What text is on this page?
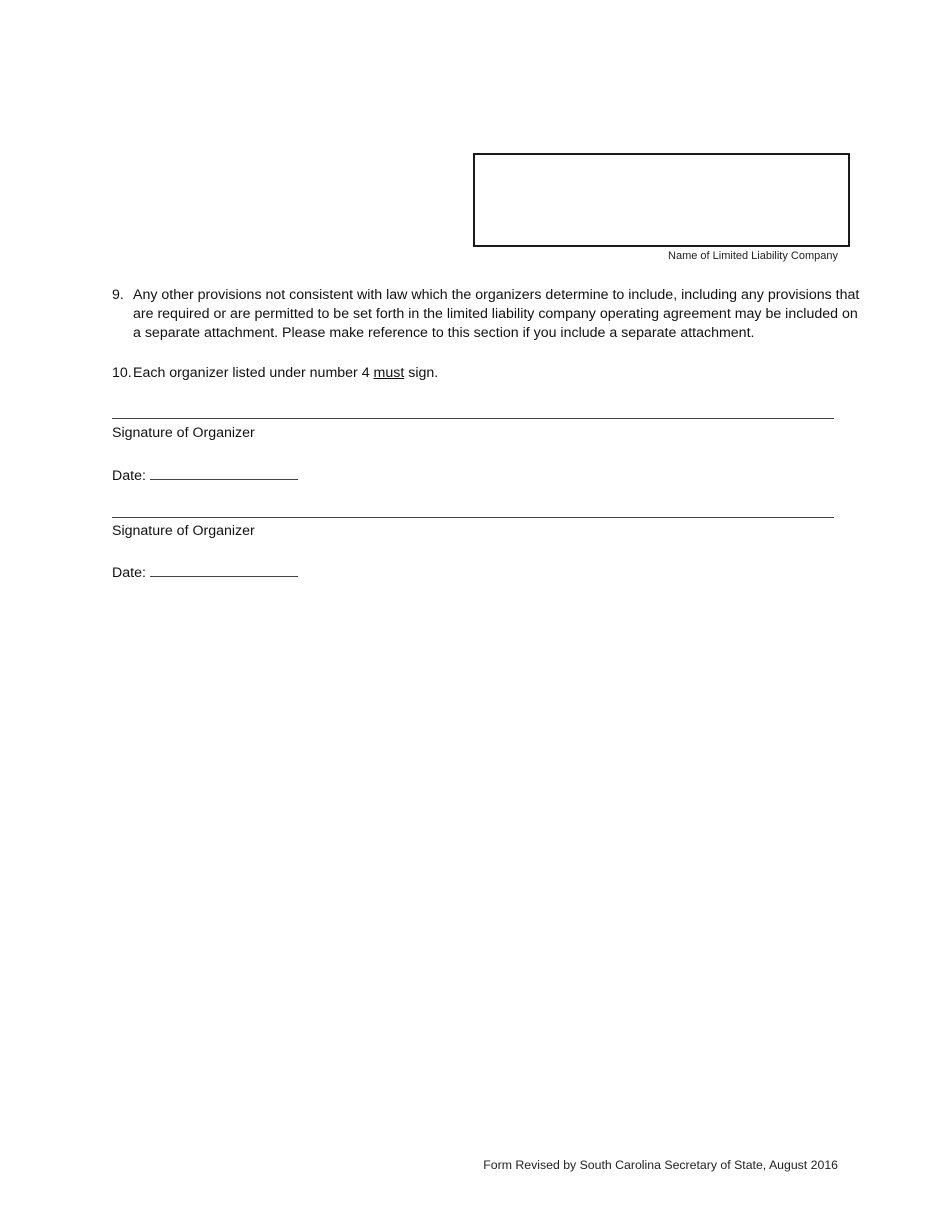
Name of Limited Liability Company
9. Any other provisions not consistent with law which the organizers determine to include, including any provisions that are required or are permitted to be set forth in the limited liability company operating agreement may be included on a separate attachment. Please make reference to this section if you include a separate attachment.
10. Each organizer listed under number 4 must sign.
Signature of Organizer
Date:
Signature of Organizer
Date:
Form Revised by South Carolina Secretary of State, August 2016
